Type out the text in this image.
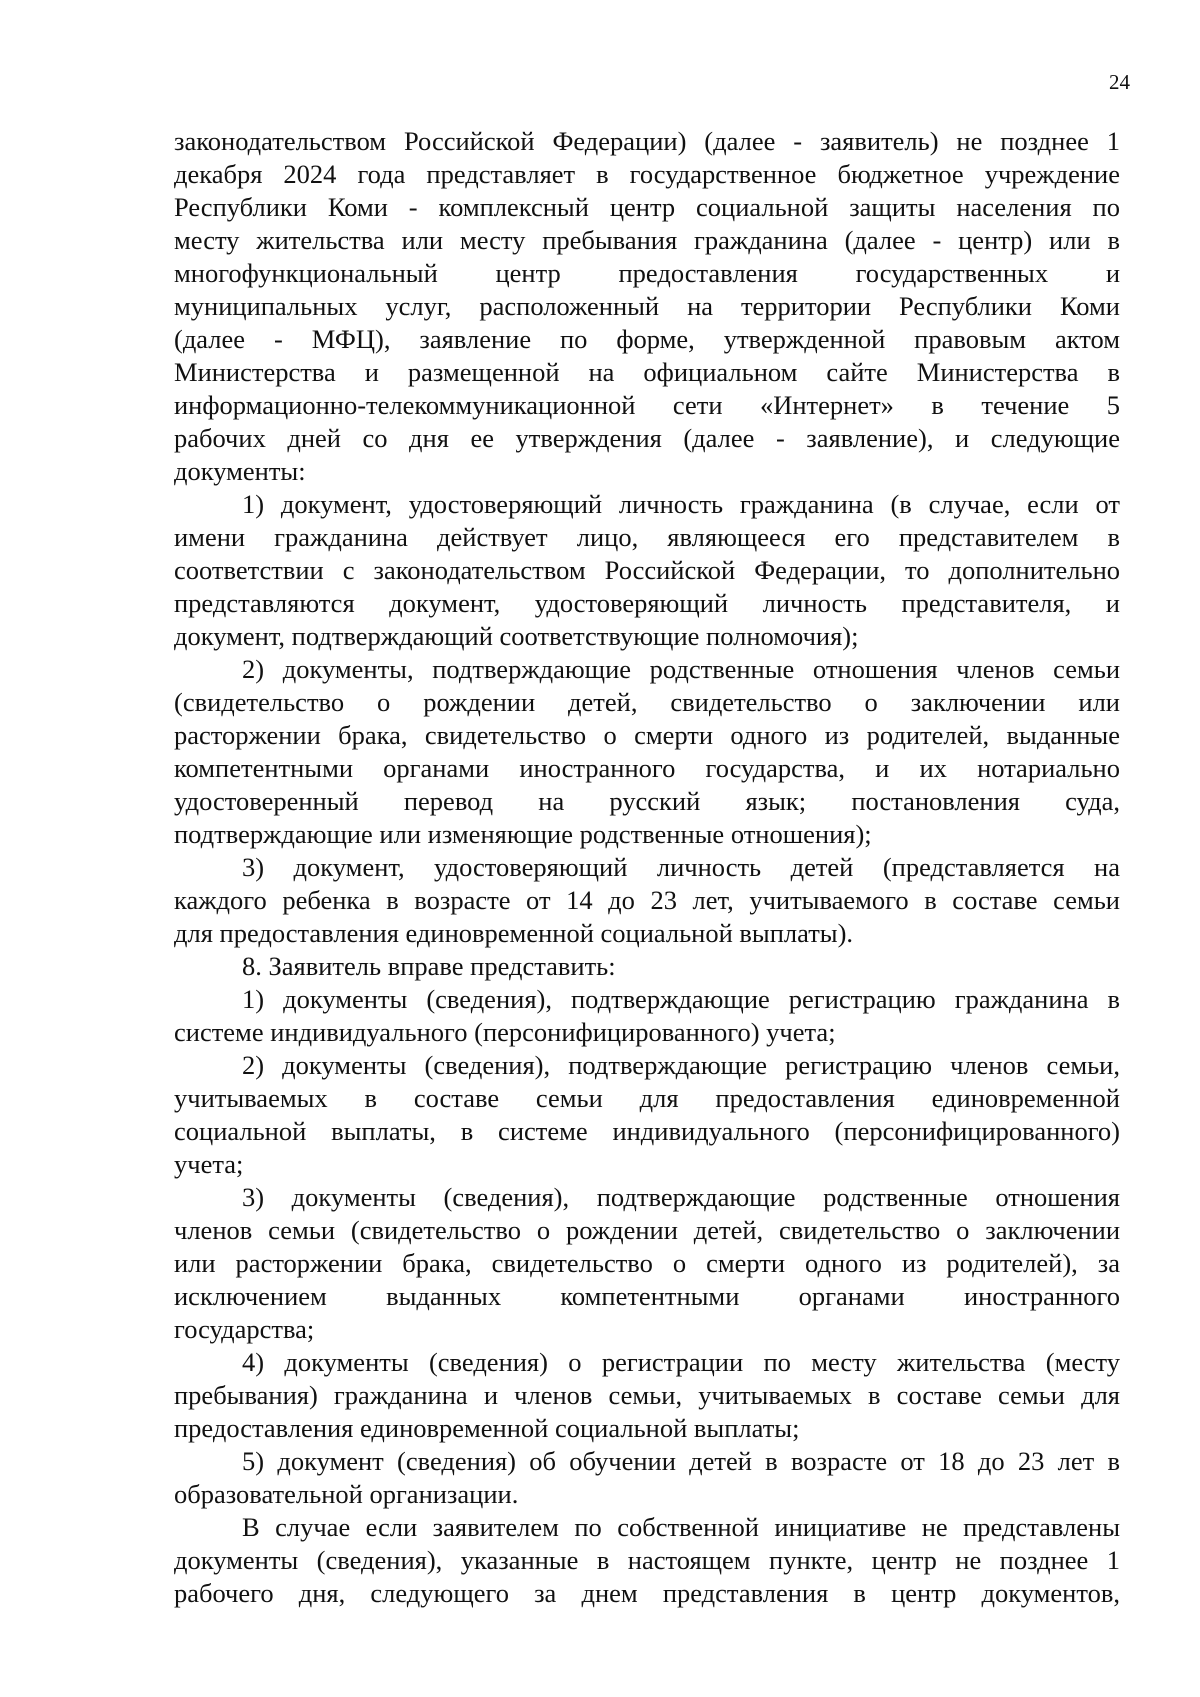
24
законодательством Российской Федерации) (далее - заявитель) не позднее 1
декабря 2024 года представляет в государственное бюджетное учреждение
Республики Коми - комплексный центр социальной защиты населения по
месту жительства или месту пребывания гражданина (далее - центр) или в
многофункциональный центр предоставления государственных и
муниципальных услуг, расположенный на территории Республики Коми
(далее - МФЦ), заявление по форме, утвержденной правовым актом
Министерства и размещенной на официальном сайте Министерства в
информационно-телекоммуникационной сети «Интернет» в течение 5
рабочих дней со дня ее утверждения (далее - заявление), и следующие
документы:
1) документ, удостоверяющий личность гражданина (в случае, если от
имени гражданина действует лицо, являющееся его представителем в
соответствии с законодательством Российской Федерации, то дополнительно
представляются документ, удостоверяющий личность представителя, и
документ, подтверждающий соответствующие полномочия);
2) документы, подтверждающие родственные отношения членов семьи
(свидетельство о рождении детей, свидетельство о заключении или
расторжении брака, свидетельство о смерти одного из родителей, выданные
компетентными органами иностранного государства, и их нотариально
удостоверенный перевод на русский язык; постановления суда,
подтверждающие или изменяющие родственные отношения);
3) документ, удостоверяющий личность детей (представляется на
каждого ребенка в возрасте от 14 до 23 лет, учитываемого в составе семьи
для предоставления единовременной социальной выплаты).
8. Заявитель вправе представить:
1) документы (сведения), подтверждающие регистрацию гражданина в
системе индивидуального (персонифицированного) учета;
2) документы (сведения), подтверждающие регистрацию членов семьи,
учитываемых в составе семьи для предоставления единовременной
социальной выплаты, в системе индивидуального (персонифицированного)
учета;
3) документы (сведения), подтверждающие родственные отношения
членов семьи (свидетельство о рождении детей, свидетельство о заключении
или расторжении брака, свидетельство о смерти одного из родителей), за
исключением выданных компетентными органами иностранного
государства;
4) документы (сведения) о регистрации по месту жительства (месту
пребывания) гражданина и членов семьи, учитываемых в составе семьи для
предоставления единовременной социальной выплаты;
5) документ (сведения) об обучении детей в возрасте от 18 до 23 лет в
образовательной организации.
В случае если заявителем по собственной инициативе не представлены
документы (сведения), указанные в настоящем пункте, центр не позднее 1
рабочего дня, следующего за днем представления в центр документов,
